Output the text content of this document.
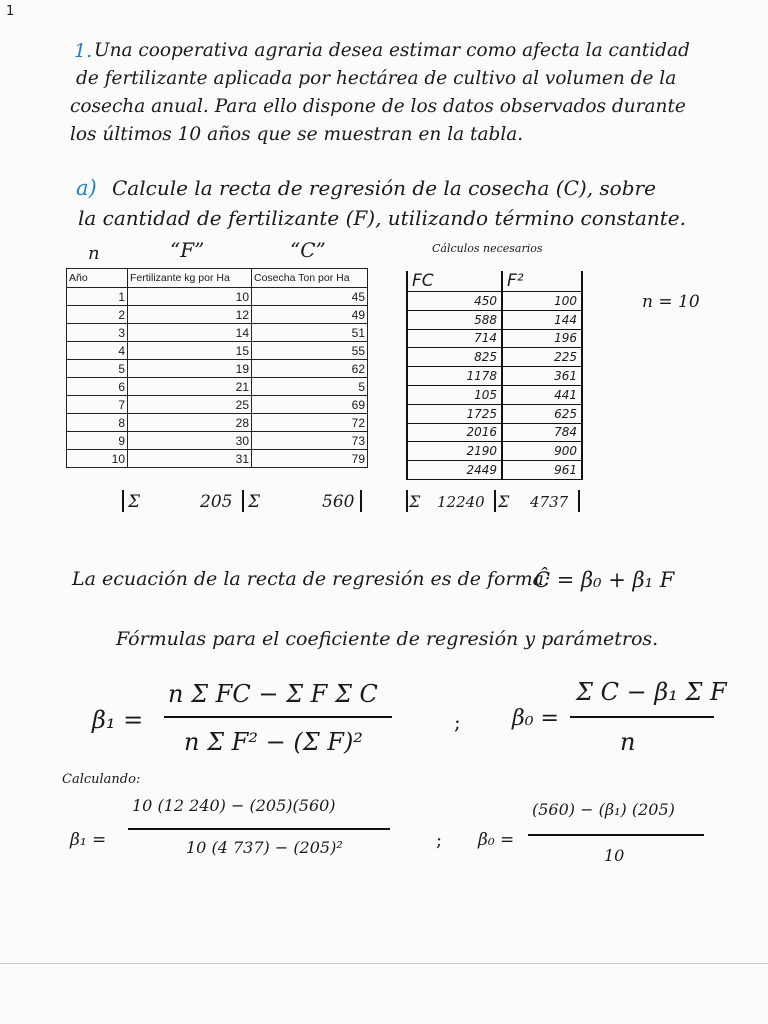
1
1. Una cooperativa agraria desea estimar como afecta la cantidad
de fertilizante aplicada por hectárea de cultivo al volumen de la
cosecha anual. Para ello dispone de los datos observados durante
los últimos 10 años que se muestran en la tabla.
a) Calcule la recta de regresión de la cosecha (C), sobre
la cantidad de fertilizante (F), utilizando término constante.
n	“F”	“C”	Cálculos necesarios
Año	Fertilizante kg por Ha	Cosecha Ton por Ha
1	10	45
2	12	49
3	14	51
4	15	55
5	19	62
6	21	5
7	25	69
8	28	72
9	30	73
10	31	79
Σ	205 Σ	560
FC	F²
450	100
588	144
714	196
825	225
1178	361
105	441
1725	625
2016	784
2190	900
2449	961
Σ 12240 Σ 4737
n = 10
La ecuación de la recta de regresión es de forma:
Ĉ = β₀ + β₁ F
Fórmulas para el coeficiente de regresión y parámetros.
β₁ =
n Σ FC − Σ F Σ C
n Σ F² − (Σ F)²
; β₀ =
Σ C − β₁ Σ F
n
Calculando:
β₁ =
10 (12 240) − (205)(560)
10 (4 737) − (205)²	; β₀ =
(560) − (β₁) (205)
10
